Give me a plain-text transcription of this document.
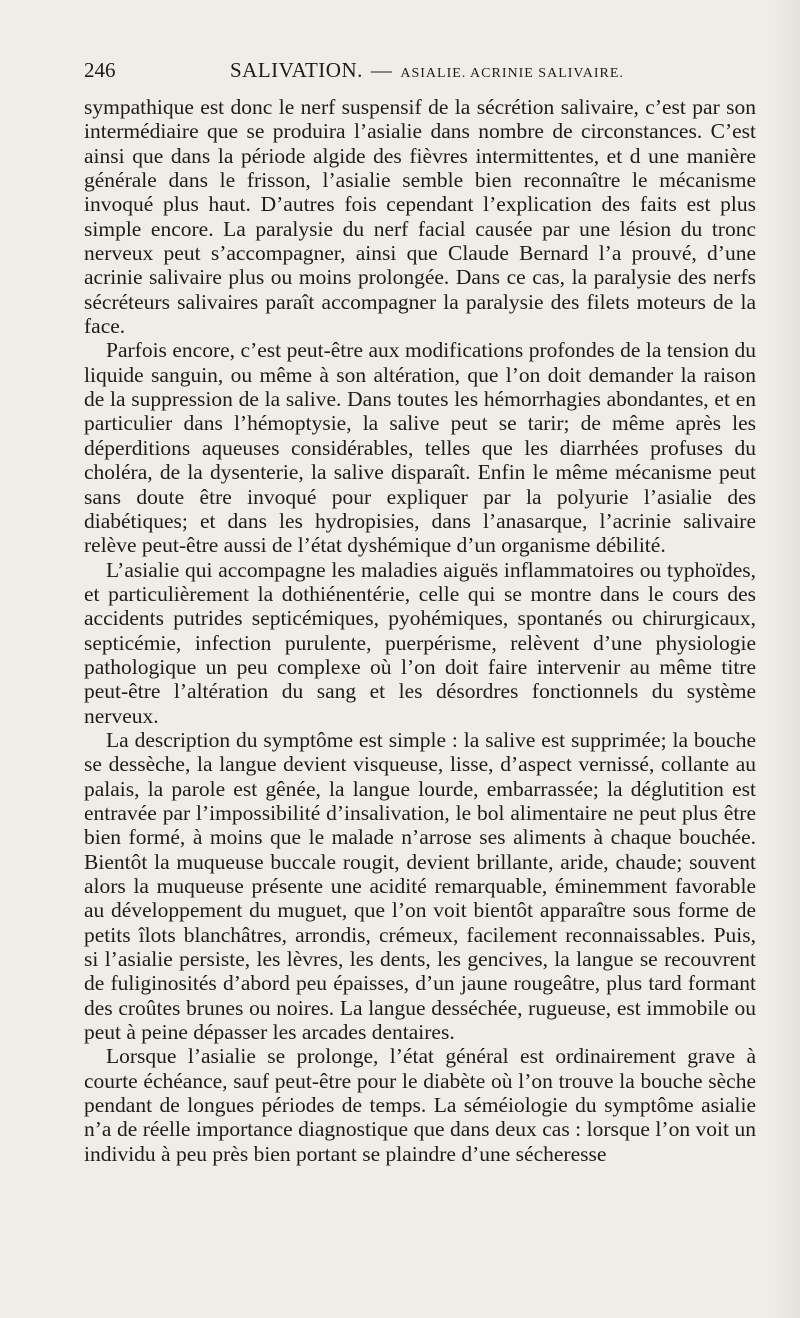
246	SALIVATION. — ASIALIE. ACRINIE SALIVAIRE.

sympathique est donc le nerf suspensif de la sécrétion salivaire, c’est par son intermédiaire que se produira l’asialie dans nombre de circonstances. C’est ainsi que dans la période algide des fièvres intermittentes, et d une manière générale dans le frisson, l’asialie semble bien reconnaître le mécanisme invoqué plus haut. D’autres fois cependant l’explication des faits est plus simple encore. La paralysie du nerf facial causée par une lésion du tronc nerveux peut s’accompagner, ainsi que Claude Bernard l’a prouvé, d’une acrinie salivaire plus ou moins prolongée. Dans ce cas, la paralysie des nerfs sécréteurs salivaires paraît accompagner la paralysie des filets moteurs de la face.

Parfois encore, c’est peut-être aux modifications profondes de la tension du liquide sanguin, ou même à son altération, que l’on doit demander la raison de la suppression de la salive. Dans toutes les hémorrhagies abondantes, et en particulier dans l’hémoptysie, la salive peut se tarir; de même après les déperditions aqueuses considérables, telles que les diarrhées profuses du choléra, de la dysenterie, la salive disparaît. Enfin le même mécanisme peut sans doute être invoqué pour expliquer par la polyurie l’asialie des diabétiques; et dans les hydropisies, dans l’anasarque, l’acrinie salivaire relève peut-être aussi de l’état dyshémique d’un organisme débilité.

L’asialie qui accompagne les maladies aiguës inflammatoires ou typhoïdes, et particulièrement la dothiénentérie, celle qui se montre dans le cours des accidents putrides septicémiques, pyohémiques, spontanés ou chirurgicaux, septicémie, infection purulente, puerpérisme, relèvent d’une physiologie pathologique un peu complexe où l’on doit faire intervenir au même titre peut-être l’altération du sang et les désordres fonctionnels du système nerveux.

La description du symptôme est simple : la salive est supprimée; la bouche se dessèche, la langue devient visqueuse, lisse, d’aspect vernissé, collante au palais, la parole est gênée, la langue lourde, embarrassée; la déglutition est entravée par l’impossibilité d’insalivation, le bol alimentaire ne peut plus être bien formé, à moins que le malade n’arrose ses aliments à chaque bouchée. Bientôt la muqueuse buccale rougit, devient brillante, aride, chaude; souvent alors la muqueuse présente une acidité remarquable, éminemment favorable au développement du muguet, que l’on voit bientôt apparaître sous forme de petits îlots blanchâtres, arrondis, crémeux, facilement reconnaissables. Puis, si l’asialie persiste, les lèvres, les dents, les gencives, la langue se recouvrent de fuliginosités d’abord peu épaisses, d’un jaune rougeâtre, plus tard formant des croûtes brunes ou noires. La langue desséchée, rugueuse, est immobile ou peut à peine dépasser les arcades dentaires.

Lorsque l’asialie se prolonge, l’état général est ordinairement grave à courte échéance, sauf peut-être pour le diabète où l’on trouve la bouche sèche pendant de longues périodes de temps. La séméiologie du symptôme asialie n’a de réelle importance diagnostique que dans deux cas : lorsque l’on voit un individu à peu près bien portant se plaindre d’une sécheresse
